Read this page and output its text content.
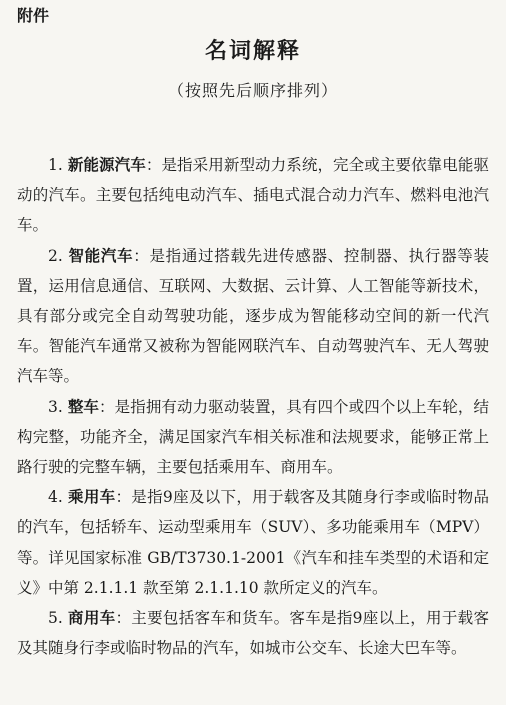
附件
名词解释
（按照先后顺序排列）

1. 新能源汽车：是指采用新型动力系统，完全或主要依靠电能驱动的汽车。主要包括纯电动汽车、插电式混合动力汽车、燃料电池汽车。

2. 智能汽车：是指通过搭载先进传感器、控制器、执行器等装置，运用信息通信、互联网、大数据、云计算、人工智能等新技术，具有部分或完全自动驾驶功能，逐步成为智能移动空间的新一代汽车。智能汽车通常又被称为智能网联汽车、自动驾驶汽车、无人驾驶汽车等。

3. 整车：是指拥有动力驱动装置，具有四个或四个以上车轮，结构完整，功能齐全，满足国家汽车相关标准和法规要求，能够正常上路行驶的完整车辆，主要包括乘用车、商用车。

4. 乘用车：是指9座及以下，用于载客及其随身行李或临时物品的汽车，包括轿车、运动型乘用车（SUV）、多功能乘用车（MPV）等。详见国家标准 GB/T3730.1-2001《汽车和挂车类型的术语和定义》中第 2.1.1.1 款至第 2.1.1.10 款所定义的汽车。

5. 商用车：主要包括客车和货车。客车是指9座以上，用于载客及其随身行李或临时物品的汽车，如城市公交车、长途大巴车等。
